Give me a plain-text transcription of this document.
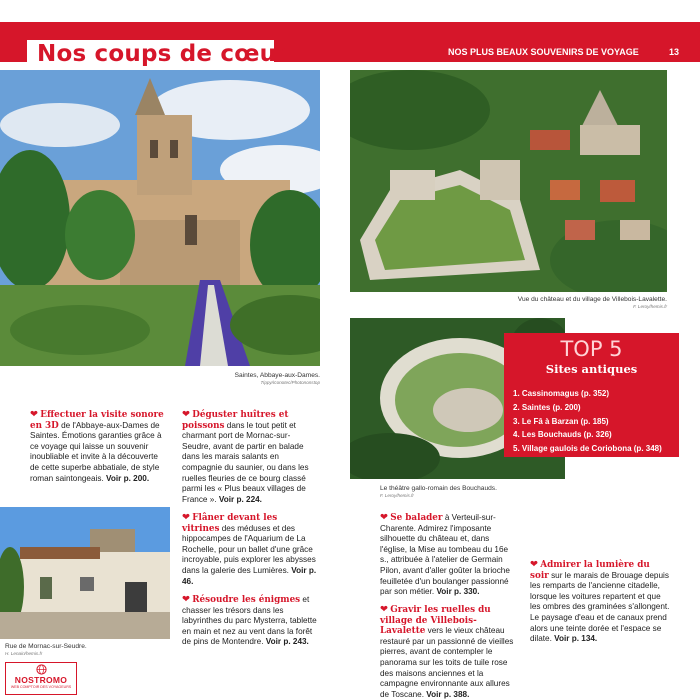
Nos coups de cœur	NOS PLUS BEAUX SOUVENIRS DE VOYAGE	13
Saintes, Abbaye-aux-Dames.
Tippy/Iconotec/Photononstop
Vue du château et du village de Villebois-Lavalette.
F. Leroy/hemis.fr
Le théâtre gallo-romain des Bouchauds.
F. Leroy/hemis.fr
TOP 5
Sites antiques
1. Cassinomagus (p. 352)
2. Saintes (p. 200)
3. Le Fâ à Barzan (p. 185)
4. Les Bouchauds (p. 326)
5. Village gaulois de Coriobona (p. 348)
Rue de Mornac-sur-Seudre.
H. Lenain/hemis.fr
❤ Effectuer la visite sonore en 3D de l'Abbaye-aux-Dames de Saintes. Émotions garanties grâce à ce voyage qui laisse un souvenir inoubliable et invite à la découverte de cette superbe abbatiale, de style roman saintongeais. Voir p. 200.
❤ Déguster huîtres et poissons dans le tout petit et charmant port de Mornac-sur-Seudre, avant de partir en balade dans les marais salants en compagnie du saunier, ou dans les ruelles fleuries de ce bourg classé parmi les « Plus beaux villages de France ». Voir p. 224.
❤ Flâner devant les vitrines des méduses et des hippocampes de l'Aquarium de La Rochelle, pour un ballet d'une grâce incroyable, puis explorer les abysses dans la galerie des Lumières. Voir p. 46.
❤ Résoudre les énigmes et chasser les trésors dans les labyrinthes du parc Mysterra, tablette en main et nez au vent dans la forêt de pins de Montendre. Voir p. 243.
❤ Se balader à Verteuil-sur-Charente. Admirez l'imposante silhouette du château et, dans l'église, la Mise au tombeau du 16e s., attribuée à l'atelier de Germain Pilon, avant d'aller goûter la brioche feuilletée d'un boulanger passionné par son métier. Voir p. 330.
❤ Gravir les ruelles du village de Villebois-Lavalette vers le vieux château restauré par un passionné de vieilles pierres, avant de contempler le panorama sur les toits de tuile rose des maisons anciennes et la campagne environnante aux allures de Toscane. Voir p. 388.
❤ Admirer la lumière du soir sur le marais de Brouage depuis les remparts de l'ancienne citadelle, lorsque les voitures repartent et que les ombres des graminées s'allongent. Le paysage d'eau et de canaux prend alors une teinte dorée et l'espace se dilate. Voir p. 134.
NOSTROMO
WEB COMPTOIR DES VOYAGEURS
